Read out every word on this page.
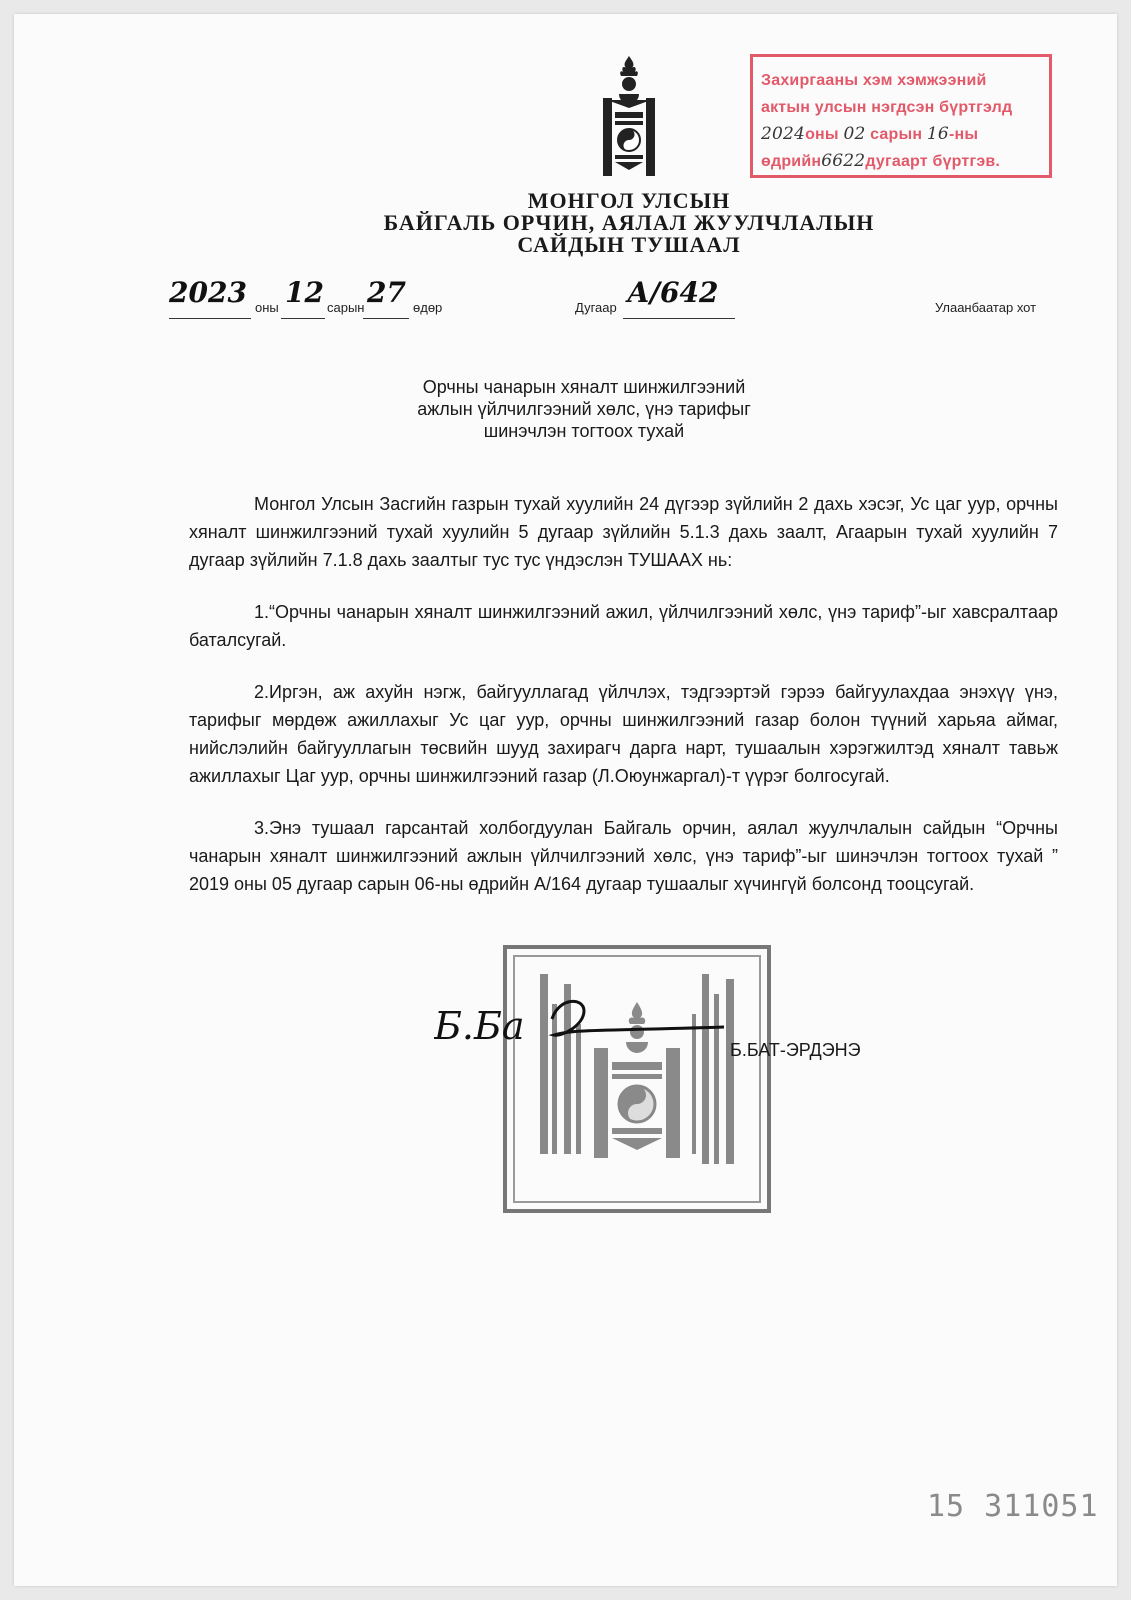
Захиргааны хэм хэмжээний
актын улсын нэгдсэн бүртгэлд
2024оны 02 сарын 16-ны
өдрийн6622дугаарт бүртгэв.
МОНГОЛ УЛСЫН
БАЙГАЛЬ ОРЧИН, АЯЛАЛ ЖУУЛЧЛАЛЫН
САЙДЫН ТУШААЛ
2023 оны 12 сарын 27 өдөр	Дугаар А/642	Улаанбаатар хот
Орчны чанарын хяналт шинжилгээний
ажлын үйлчилгээний хөлс, үнэ тарифыг
шинэчлэн тогтоох тухай

Монгол Улсын Засгийн газрын тухай хуулийн 24 дүгээр зүйлийн 2 дахь хэсэг, Ус цаг уур, орчны хяналт шинжилгээний тухай хуулийн 5 дугаар зүйлийн 5.1.3 дахь заалт, Агаарын тухай хуулийн 7 дугаар зүйлийн 7.1.8 дахь заалтыг тус тус үндэслэн ТУШААХ нь:

1.“Орчны чанарын хяналт шинжилгээний ажил, үйлчилгээний хөлс, үнэ тариф”-ыг хавсралтаар баталсугай.

2.Иргэн, аж ахуйн нэгж, байгууллагад үйлчлэх, тэдгээртэй гэрээ байгуулахдаа энэхүү үнэ, тарифыг мөрдөж ажиллахыг Ус цаг уур, орчны шинжилгээний газар болон түүний харьяа аймаг, нийслэлийн байгууллагын төсвийн шууд захирагч дарга нарт, тушаалын хэрэгжилтэд хяналт тавьж ажиллахыг Цаг уур, орчны шинжилгээний газар (Л.Оюунжаргал)-т үүрэг болгосугай.

3.Энэ тушаал гарсантай холбогдуулан Байгаль орчин, аялал жуулчлалын сайдын “Орчны чанарын хяналт шинжилгээний ажлын үйлчилгээний хөлс, үнэ тариф”-ыг шинэчлэн тогтоох тухай ” 2019 оны 05 дугаар сарын 06-ны өдрийн А/164 дугаар тушаалыг хүчингүй болсонд тооцсугай.

Б.Ба
Б.БАТ-ЭРДЭНЭ
15 311051
